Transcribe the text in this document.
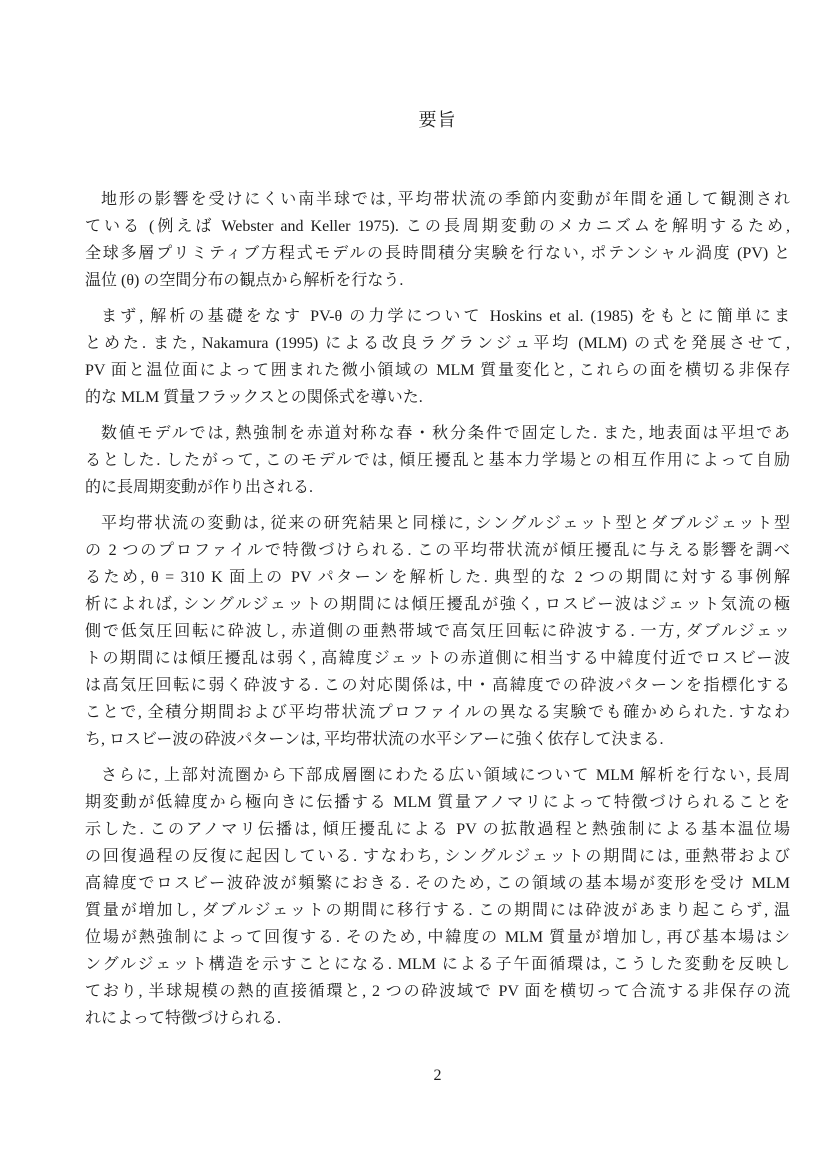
要旨
地形の影響を受けにくい南半球では, 平均帯状流の季節内変動が年間を通して観測され
ている (例えば Webster and Keller 1975). この長周期変動のメカニズムを解明するため,
全球多層プリミティブ方程式モデルの長時間積分実験を行ない, ポテンシャル渦度 (PV) と
温位 (θ) の空間分布の観点から解析を行なう.
まず, 解析の基礎をなす PV-θ の力学について Hoskins et al. (1985) をもとに簡単にま
とめた. また, Nakamura (1995) による改良ラグランジュ平均 (MLM) の式を発展させて,
PV 面と温位面によって囲まれた微小領域の MLM 質量変化と, これらの面を横切る非保存
的な MLM 質量フラックスとの関係式を導いた.
数値モデルでは, 熱強制を赤道対称な春・秋分条件で固定した. また, 地表面は平坦であ
るとした. したがって, このモデルでは, 傾圧擾乱と基本力学場との相互作用によって自励
的に長周期変動が作り出される.
平均帯状流の変動は, 従来の研究結果と同様に, シングルジェット型とダブルジェット型
の 2 つのプロファイルで特徴づけられる. この平均帯状流が傾圧擾乱に与える影響を調べ
るため, θ = 310 K 面上の PV パターンを解析した. 典型的な 2 つの期間に対する事例解
析によれば, シングルジェットの期間には傾圧擾乱が強く, ロスビー波はジェット気流の極
側で低気圧回転に砕波し, 赤道側の亜熱帯域で高気圧回転に砕波する. 一方, ダブルジェッ
トの期間には傾圧擾乱は弱く, 高緯度ジェットの赤道側に相当する中緯度付近でロスビー波
は高気圧回転に弱く砕波する. この対応関係は, 中・高緯度での砕波パターンを指標化する
ことで, 全積分期間および平均帯状流プロファイルの異なる実験でも確かめられた. すなわ
ち, ロスビー波の砕波パターンは, 平均帯状流の水平シアーに強く依存して決まる.
さらに, 上部対流圏から下部成層圏にわたる広い領域について MLM 解析を行ない, 長周
期変動が低緯度から極向きに伝播する MLM 質量アノマリによって特徴づけられることを
示した. このアノマリ伝播は, 傾圧擾乱による PV の拡散過程と熱強制による基本温位場
の回復過程の反復に起因している. すなわち, シングルジェットの期間には, 亜熱帯および
高緯度でロスビー波砕波が頻繁におきる. そのため, この領域の基本場が変形を受け MLM
質量が増加し, ダブルジェットの期間に移行する. この期間には砕波があまり起こらず, 温
位場が熱強制によって回復する. そのため, 中緯度の MLM 質量が増加し, 再び基本場はシ
ングルジェット構造を示すことになる. MLM による子午面循環は, こうした変動を反映し
ており, 半球規模の熱的直接循環と, 2 つの砕波域で PV 面を横切って合流する非保存の流
れによって特徴づけられる.
2
